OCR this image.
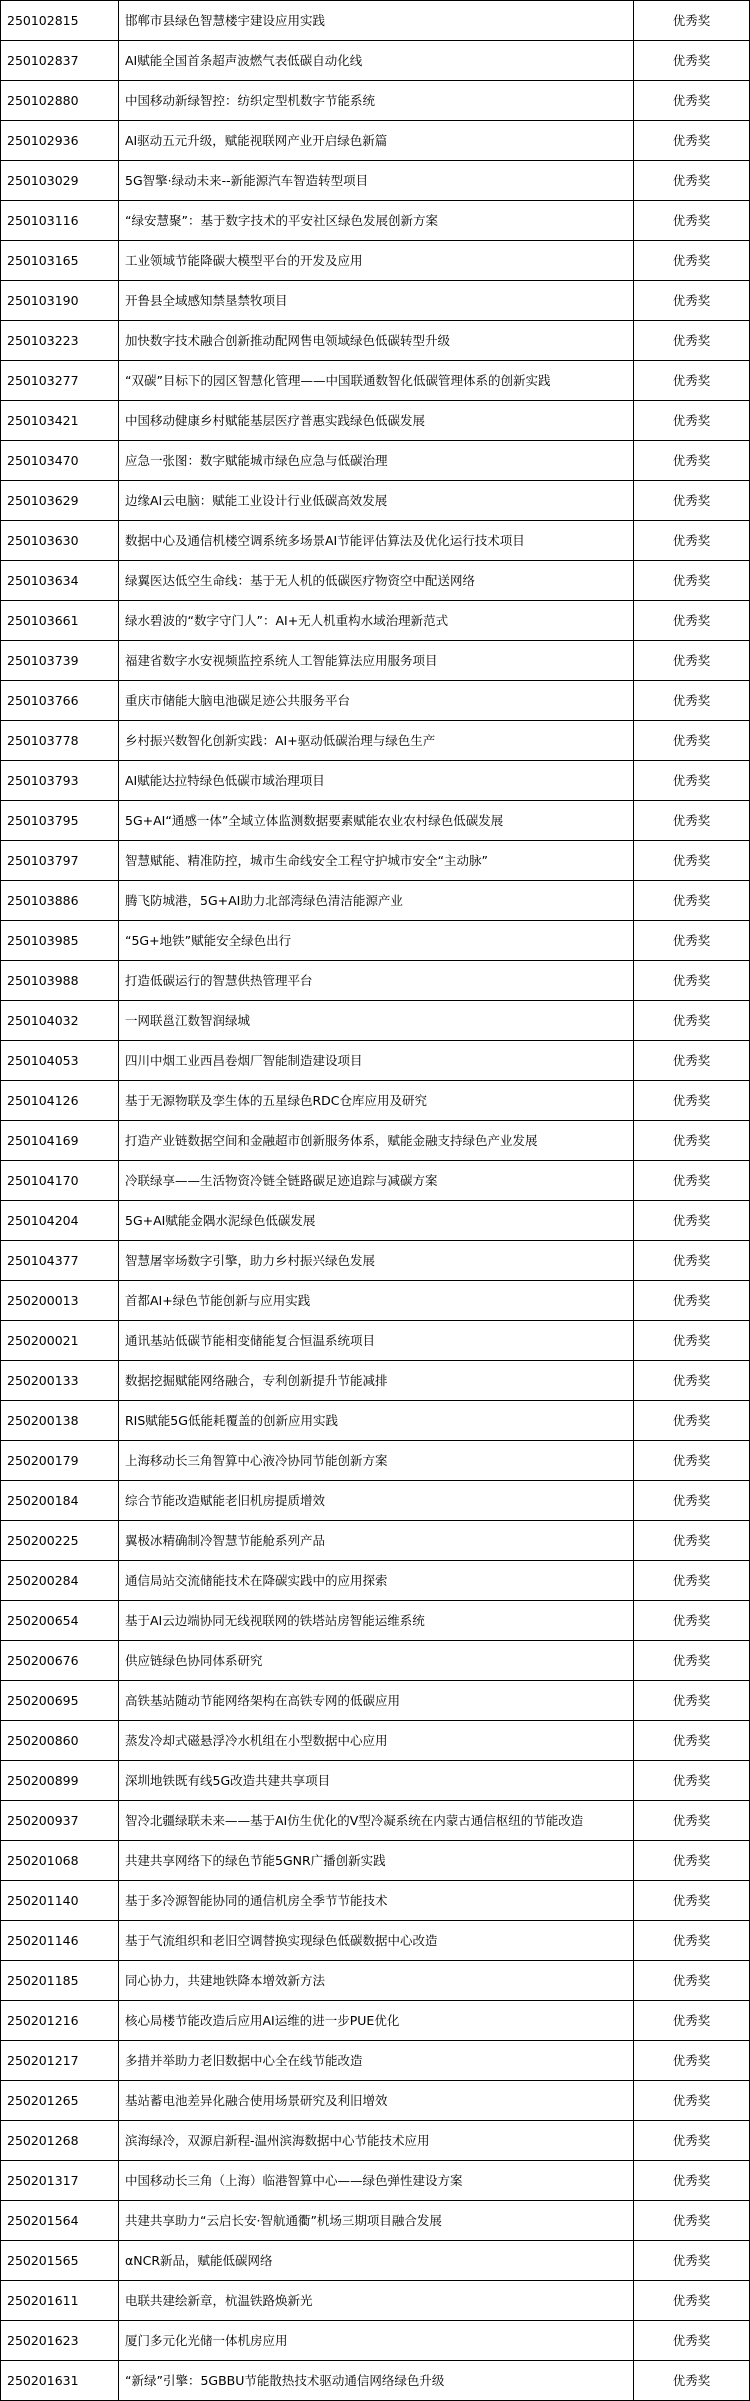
250102815	邯郸市县绿色智慧楼宇建设应用实践	优秀奖
250102837	AI赋能全国首条超声波燃气表低碳自动化线	优秀奖
250102880	中国移动新绿智控：纺织定型机数字节能系统	优秀奖
250102936	AI驱动五元升级，赋能视联网产业开启绿色新篇	优秀奖
250103029	5G智擎·绿动未来--新能源汽车智造转型项目	优秀奖
250103116	“绿安慧聚”：基于数字技术的平安社区绿色发展创新方案	优秀奖
250103165	工业领域节能降碳大模型平台的开发及应用	优秀奖
250103190	开鲁县全域感知禁垦禁牧项目	优秀奖
250103223	加快数字技术融合创新推动配网售电领域绿色低碳转型升级	优秀奖
250103277	“双碳”目标下的园区智慧化管理——中国联通数智化低碳管理体系的创新实践	优秀奖
250103421	中国移动健康乡村赋能基层医疗普惠实践绿色低碳发展	优秀奖
250103470	应急一张图：数字赋能城市绿色应急与低碳治理	优秀奖
250103629	边缘AI云电脑：赋能工业设计行业低碳高效发展	优秀奖
250103630	数据中心及通信机楼空调系统多场景AI节能评估算法及优化运行技术项目	优秀奖
250103634	绿翼医达低空生命线：基于无人机的低碳医疗物资空中配送网络	优秀奖
250103661	绿水碧波的“数字守门人”：AI+无人机重构水域治理新范式	优秀奖
250103739	福建省数字水安视频监控系统人工智能算法应用服务项目	优秀奖
250103766	重庆市储能大脑电池碳足迹公共服务平台	优秀奖
250103778	乡村振兴数智化创新实践：AI+驱动低碳治理与绿色生产	优秀奖
250103793	AI赋能达拉特绿色低碳市域治理项目	优秀奖
250103795	5G+AI“通感一体”全域立体监测数据要素赋能农业农村绿色低碳发展	优秀奖
250103797	智慧赋能、精准防控，城市生命线安全工程守护城市安全“主动脉”	优秀奖
250103886	腾飞防城港，5G+AI助力北部湾绿色清洁能源产业	优秀奖
250103985	“5G+地铁”赋能安全绿色出行	优秀奖
250103988	打造低碳运行的智慧供热管理平台	优秀奖
250104032	一网联邕江数智润绿城	优秀奖
250104053	四川中烟工业西昌卷烟厂智能制造建设项目	优秀奖
250104126	基于无源物联及孪生体的五星绿色RDC仓库应用及研究	优秀奖
250104169	打造产业链数据空间和金融超市创新服务体系，赋能金融支持绿色产业发展	优秀奖
250104170	冷联绿享——生活物资冷链全链路碳足迹追踪与减碳方案	优秀奖
250104204	5G+AI赋能金隅水泥绿色低碳发展	优秀奖
250104377	智慧屠宰场数字引擎，助力乡村振兴绿色发展	优秀奖
250200013	首都AI+绿色节能创新与应用实践	优秀奖
250200021	通讯基站低碳节能相变储能复合恒温系统项目	优秀奖
250200133	数据挖掘赋能网络融合，专利创新提升节能减排	优秀奖
250200138	RIS赋能5G低能耗覆盖的创新应用实践	优秀奖
250200179	上海移动长三角智算中心液冷协同节能创新方案	优秀奖
250200184	综合节能改造赋能老旧机房提质增效	优秀奖
250200225	翼极冰精确制冷智慧节能舱系列产品	优秀奖
250200284	通信局站交流储能技术在降碳实践中的应用探索	优秀奖
250200654	基于AI云边端协同无线视联网的铁塔站房智能运维系统	优秀奖
250200676	供应链绿色协同体系研究	优秀奖
250200695	高铁基站随动节能网络架构在高铁专网的低碳应用	优秀奖
250200860	蒸发冷却式磁悬浮冷水机组在小型数据中心应用	优秀奖
250200899	深圳地铁既有线5G改造共建共享项目	优秀奖
250200937	智冷北疆绿联未来——基于AI仿生优化的V型冷凝系统在内蒙古通信枢纽的节能改造	优秀奖
250201068	共建共享网络下的绿色节能5GNR广播创新实践	优秀奖
250201140	基于多冷源智能协同的通信机房全季节节能技术	优秀奖
250201146	基于气流组织和老旧空调替换实现绿色低碳数据中心改造	优秀奖
250201185	同心协力，共建地铁降本增效新方法	优秀奖
250201216	核心局楼节能改造后应用AI运维的进一步PUE优化	优秀奖
250201217	多措并举助力老旧数据中心全在线节能改造	优秀奖
250201265	基站蓄电池差异化融合使用场景研究及利旧增效	优秀奖
250201268	滨海绿冷，双源启新程-温州滨海数据中心节能技术应用	优秀奖
250201317	中国移动长三角（上海）临港智算中心——绿色弹性建设方案	优秀奖
250201564	共建共享助力“云启长安·智航通衢”机场三期项目融合发展	优秀奖
250201565	αNCR新品，赋能低碳网络	优秀奖
250201611	电联共建绘新章，杭温铁路焕新光	优秀奖
250201623	厦门多元化光储一体机房应用	优秀奖
250201631	“新绿”引擎：5GBBU节能散热技术驱动通信网络绿色升级	优秀奖
